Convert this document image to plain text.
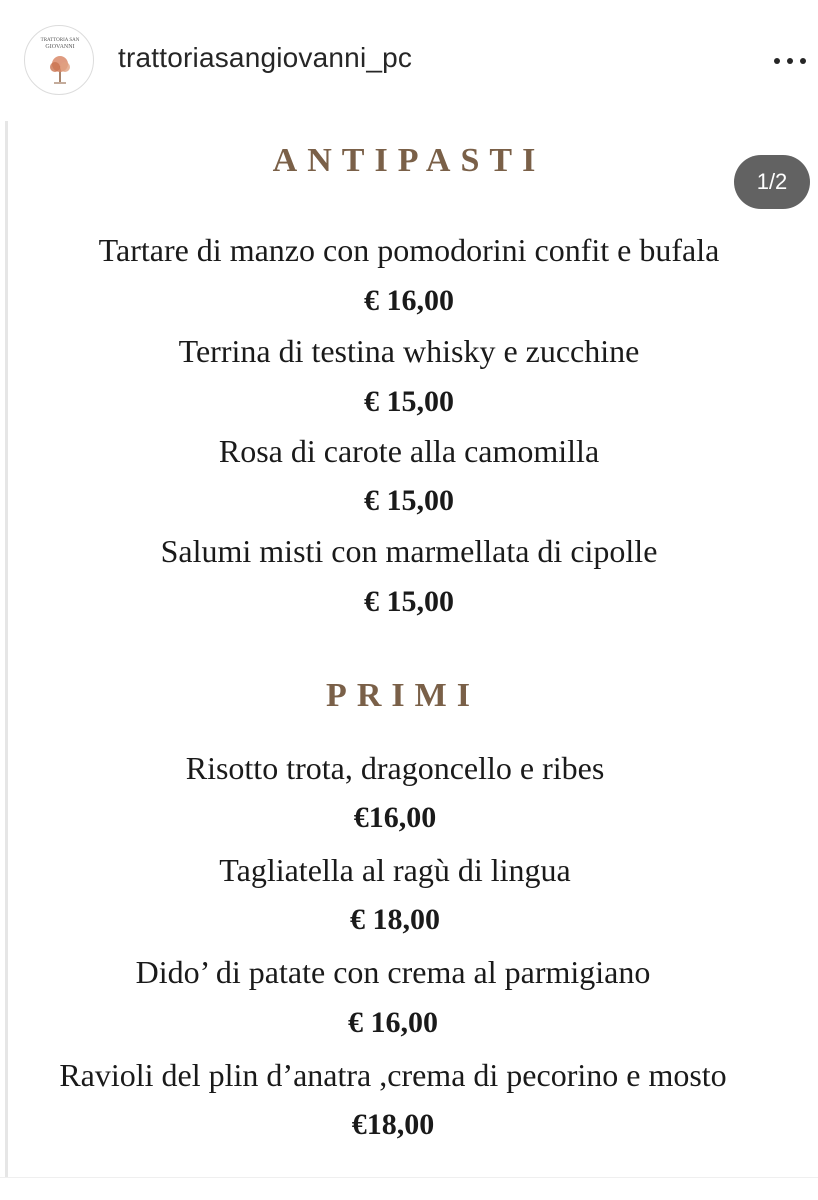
TRATTORIA SAN
GIOVANNI trattoriasangiovanni_pc
ANTIPASTI
1/2
Tartare di manzo con pomodorini confit e bufala
€ 16,00
Terrina di testina whisky e zucchine
€ 15,00
Rosa di carote alla camomilla
€ 15,00
Salumi misti con marmellata di cipolle
€ 15,00
PRIMI
Risotto trota, dragoncello e ribes
€16,00
Tagliatella al ragù di lingua
€ 18,00
Dido’ di patate con crema al parmigiano
€ 16,00
Ravioli del plin d’anatra ,crema di pecorino e mosto
€18,00
